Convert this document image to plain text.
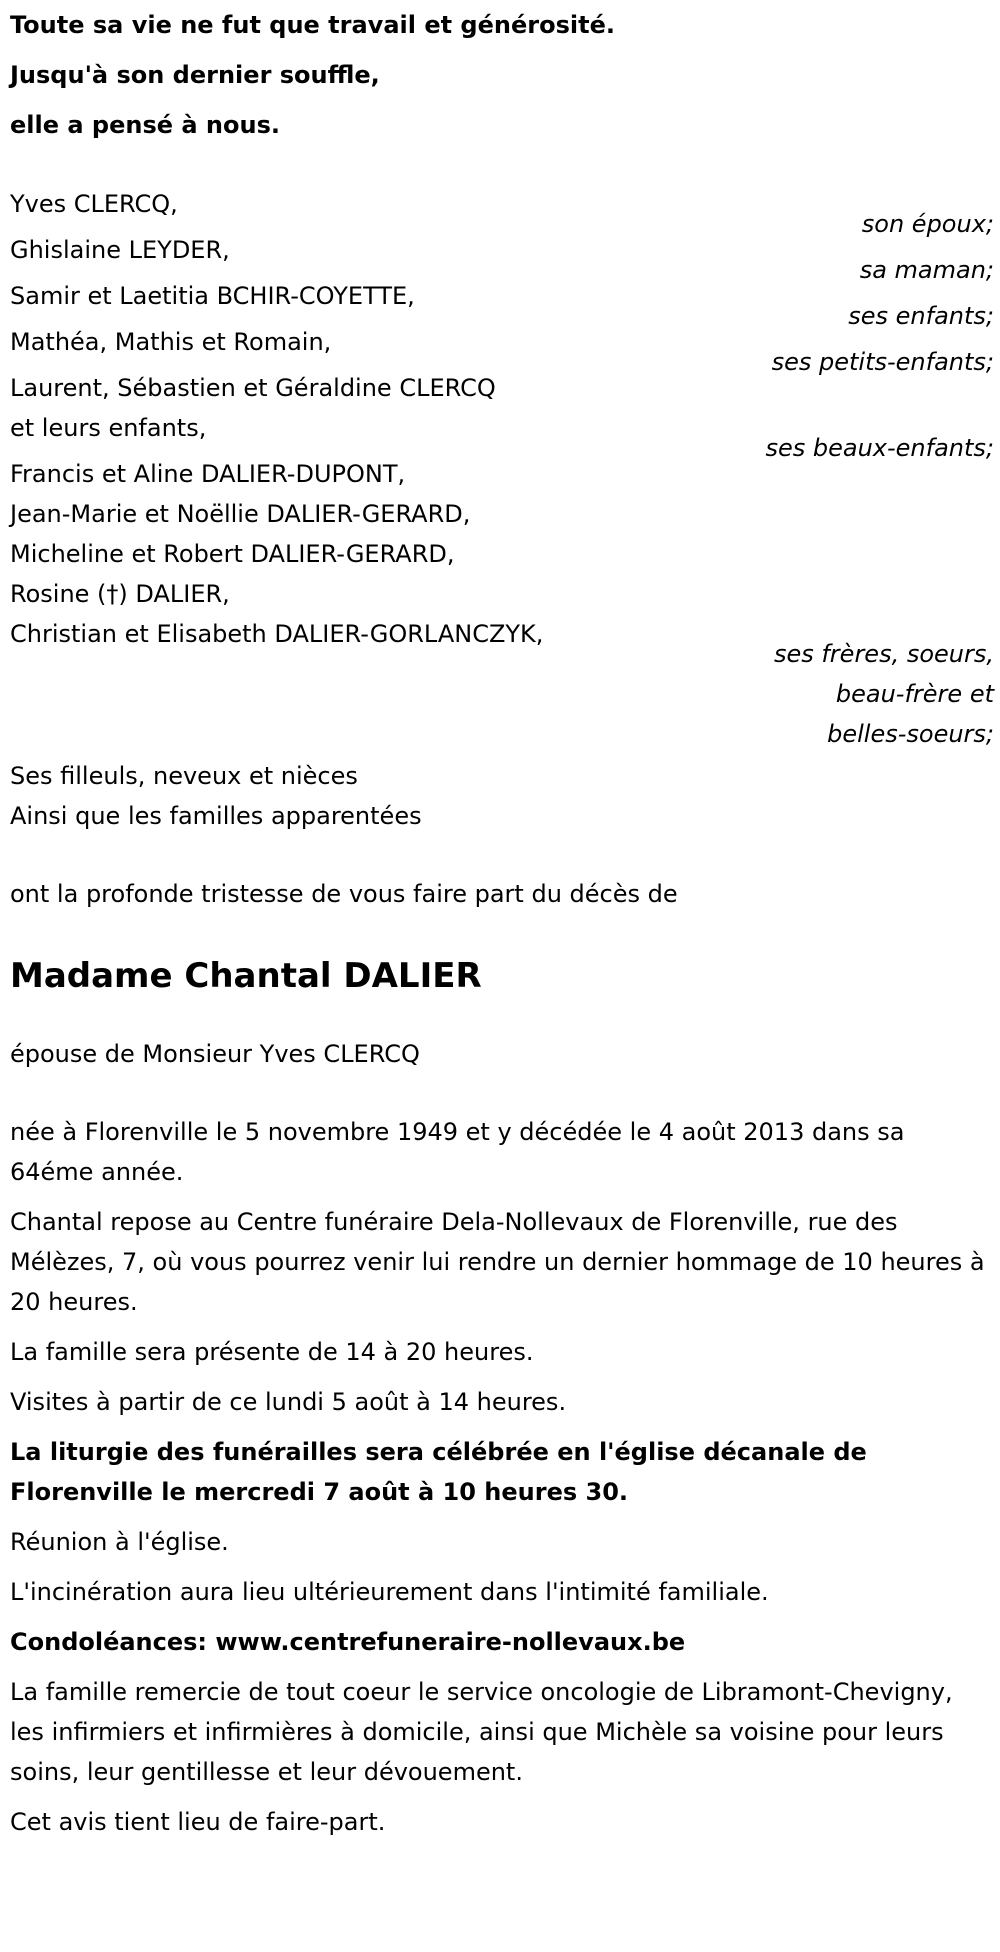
Toute sa vie ne fut que travail et générosité.
Jusqu'à son dernier souffle,
elle a pensé à nous.
Yves CLERCQ,
son époux;
Ghislaine LEYDER,
sa maman;
Samir et Laetitia BCHIR-COYETTE,
ses enfants;
Mathéa, Mathis et Romain,
ses petits-enfants;
Laurent, Sébastien et Géraldine CLERCQ
et leurs enfants,
ses beaux-enfants;
Francis et Aline DALIER-DUPONT,
Jean-Marie et Noëllie DALIER-GERARD,
Micheline et Robert DALIER-GERARD,
Rosine (†) DALIER,
Christian et Elisabeth DALIER-GORLANCZYK,
ses frères, soeurs,
beau-frère et
belles-soeurs;
Ses filleuls, neveux et nièces
Ainsi que les familles apparentées
ont la profonde tristesse de vous faire part du décès de
Madame Chantal DALIER
épouse de Monsieur Yves CLERCQ
née à Florenville le 5 novembre 1949 et y décédée le 4 août 2013 dans sa 64éme année.
Chantal repose au Centre funéraire Dela-Nollevaux de Florenville, rue des Mélèzes, 7, où vous pourrez venir lui rendre un dernier hommage de 10 heures à 20 heures.
La famille sera présente de 14 à 20 heures.
Visites à partir de ce lundi 5 août à 14 heures.
La liturgie des funérailles sera célébrée en l'église décanale de Florenville le mercredi 7 août à 10 heures 30.
Réunion à l'église.
L'incinération aura lieu ultérieurement dans l'intimité familiale.
Condoléances: www.centrefuneraire-nollevaux.be
La famille remercie de tout coeur le service oncologie de Libramont-Chevigny, les infirmiers et infirmières à domicile, ainsi que Michèle sa voisine pour leurs soins, leur gentillesse et leur dévouement.
Cet avis tient lieu de faire-part.
